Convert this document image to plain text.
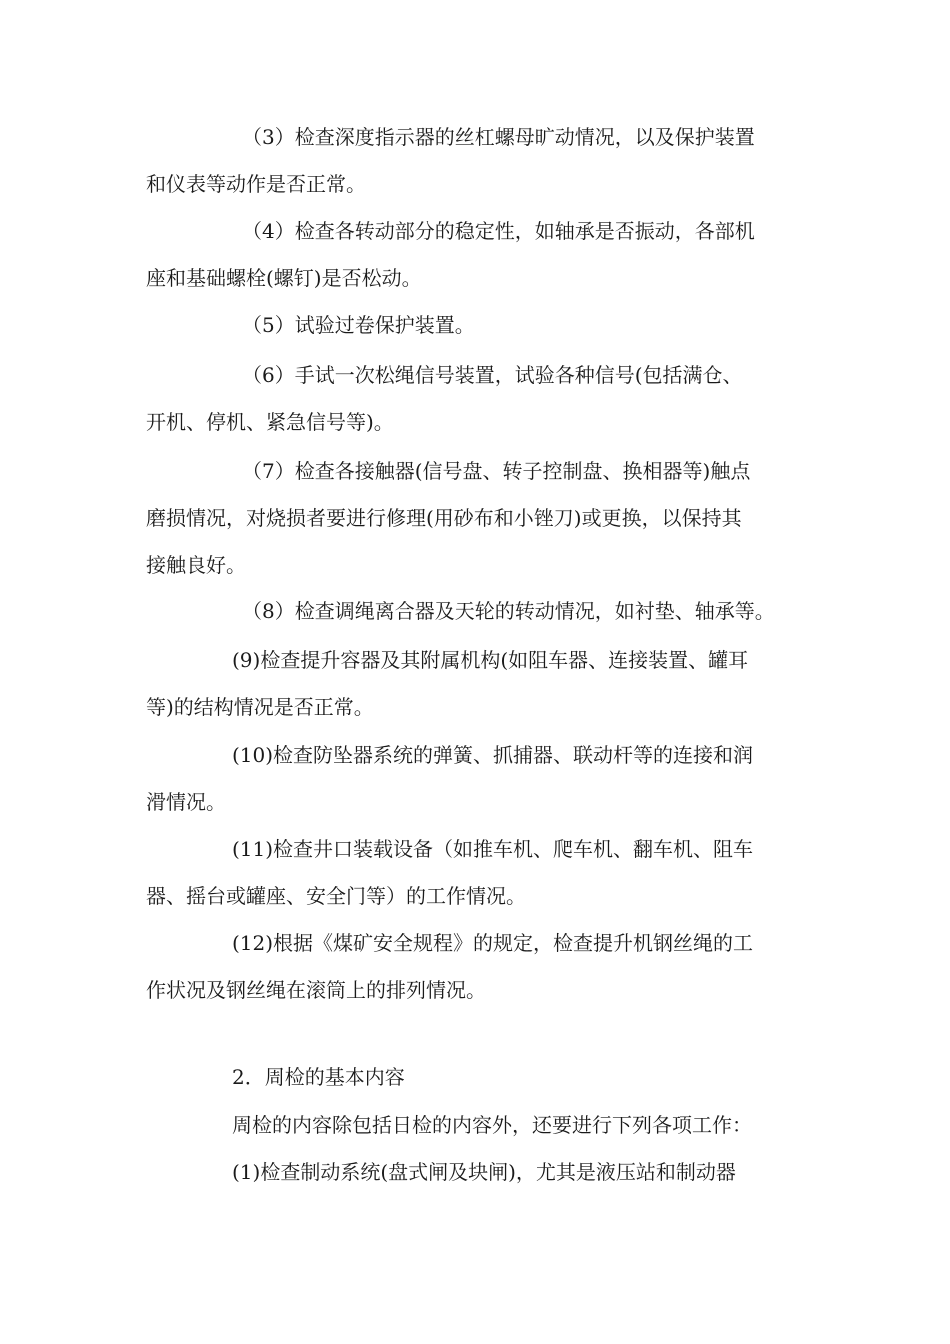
（3）检查深度指示器的丝杠螺母旷动情况，以及保护装置
和仪表等动作是否正常。
（4）检查各转动部分的稳定性，如轴承是否振动，各部机
座和基础螺栓(螺钉)是否松动。
（5）试验过卷保护装置。
（6）手试一次松绳信号装置，试验各种信号(包括满仓、
开机、停机、紧急信号等)。
（7）检查各接触器(信号盘、转子控制盘、换相器等)触点
磨损情况，对烧损者要进行修理(用砂布和小锉刀)或更换，以保持其
接触良好。
（8）检查调绳离合器及天轮的转动情况，如衬垫、轴承等。
(9)检查提升容器及其附属机构(如阻车器、连接装置、罐耳
等)的结构情况是否正常。
(10)检查防坠器系统的弹簧、抓捕器、联动杆等的连接和润
滑情况。
(11)检查井口装载设备（如推车机、爬车机、翻车机、阻车
器、摇台或罐座、安全门等）的工作情况。
(12)根据《煤矿安全规程》的规定，检查提升机钢丝绳的工
作状况及钢丝绳在滚筒上的排列情况。
2．周检的基本内容
周检的内容除包括日检的内容外，还要进行下列各项工作：
(1)检查制动系统(盘式闸及块闸)，尤其是液压站和制动器
